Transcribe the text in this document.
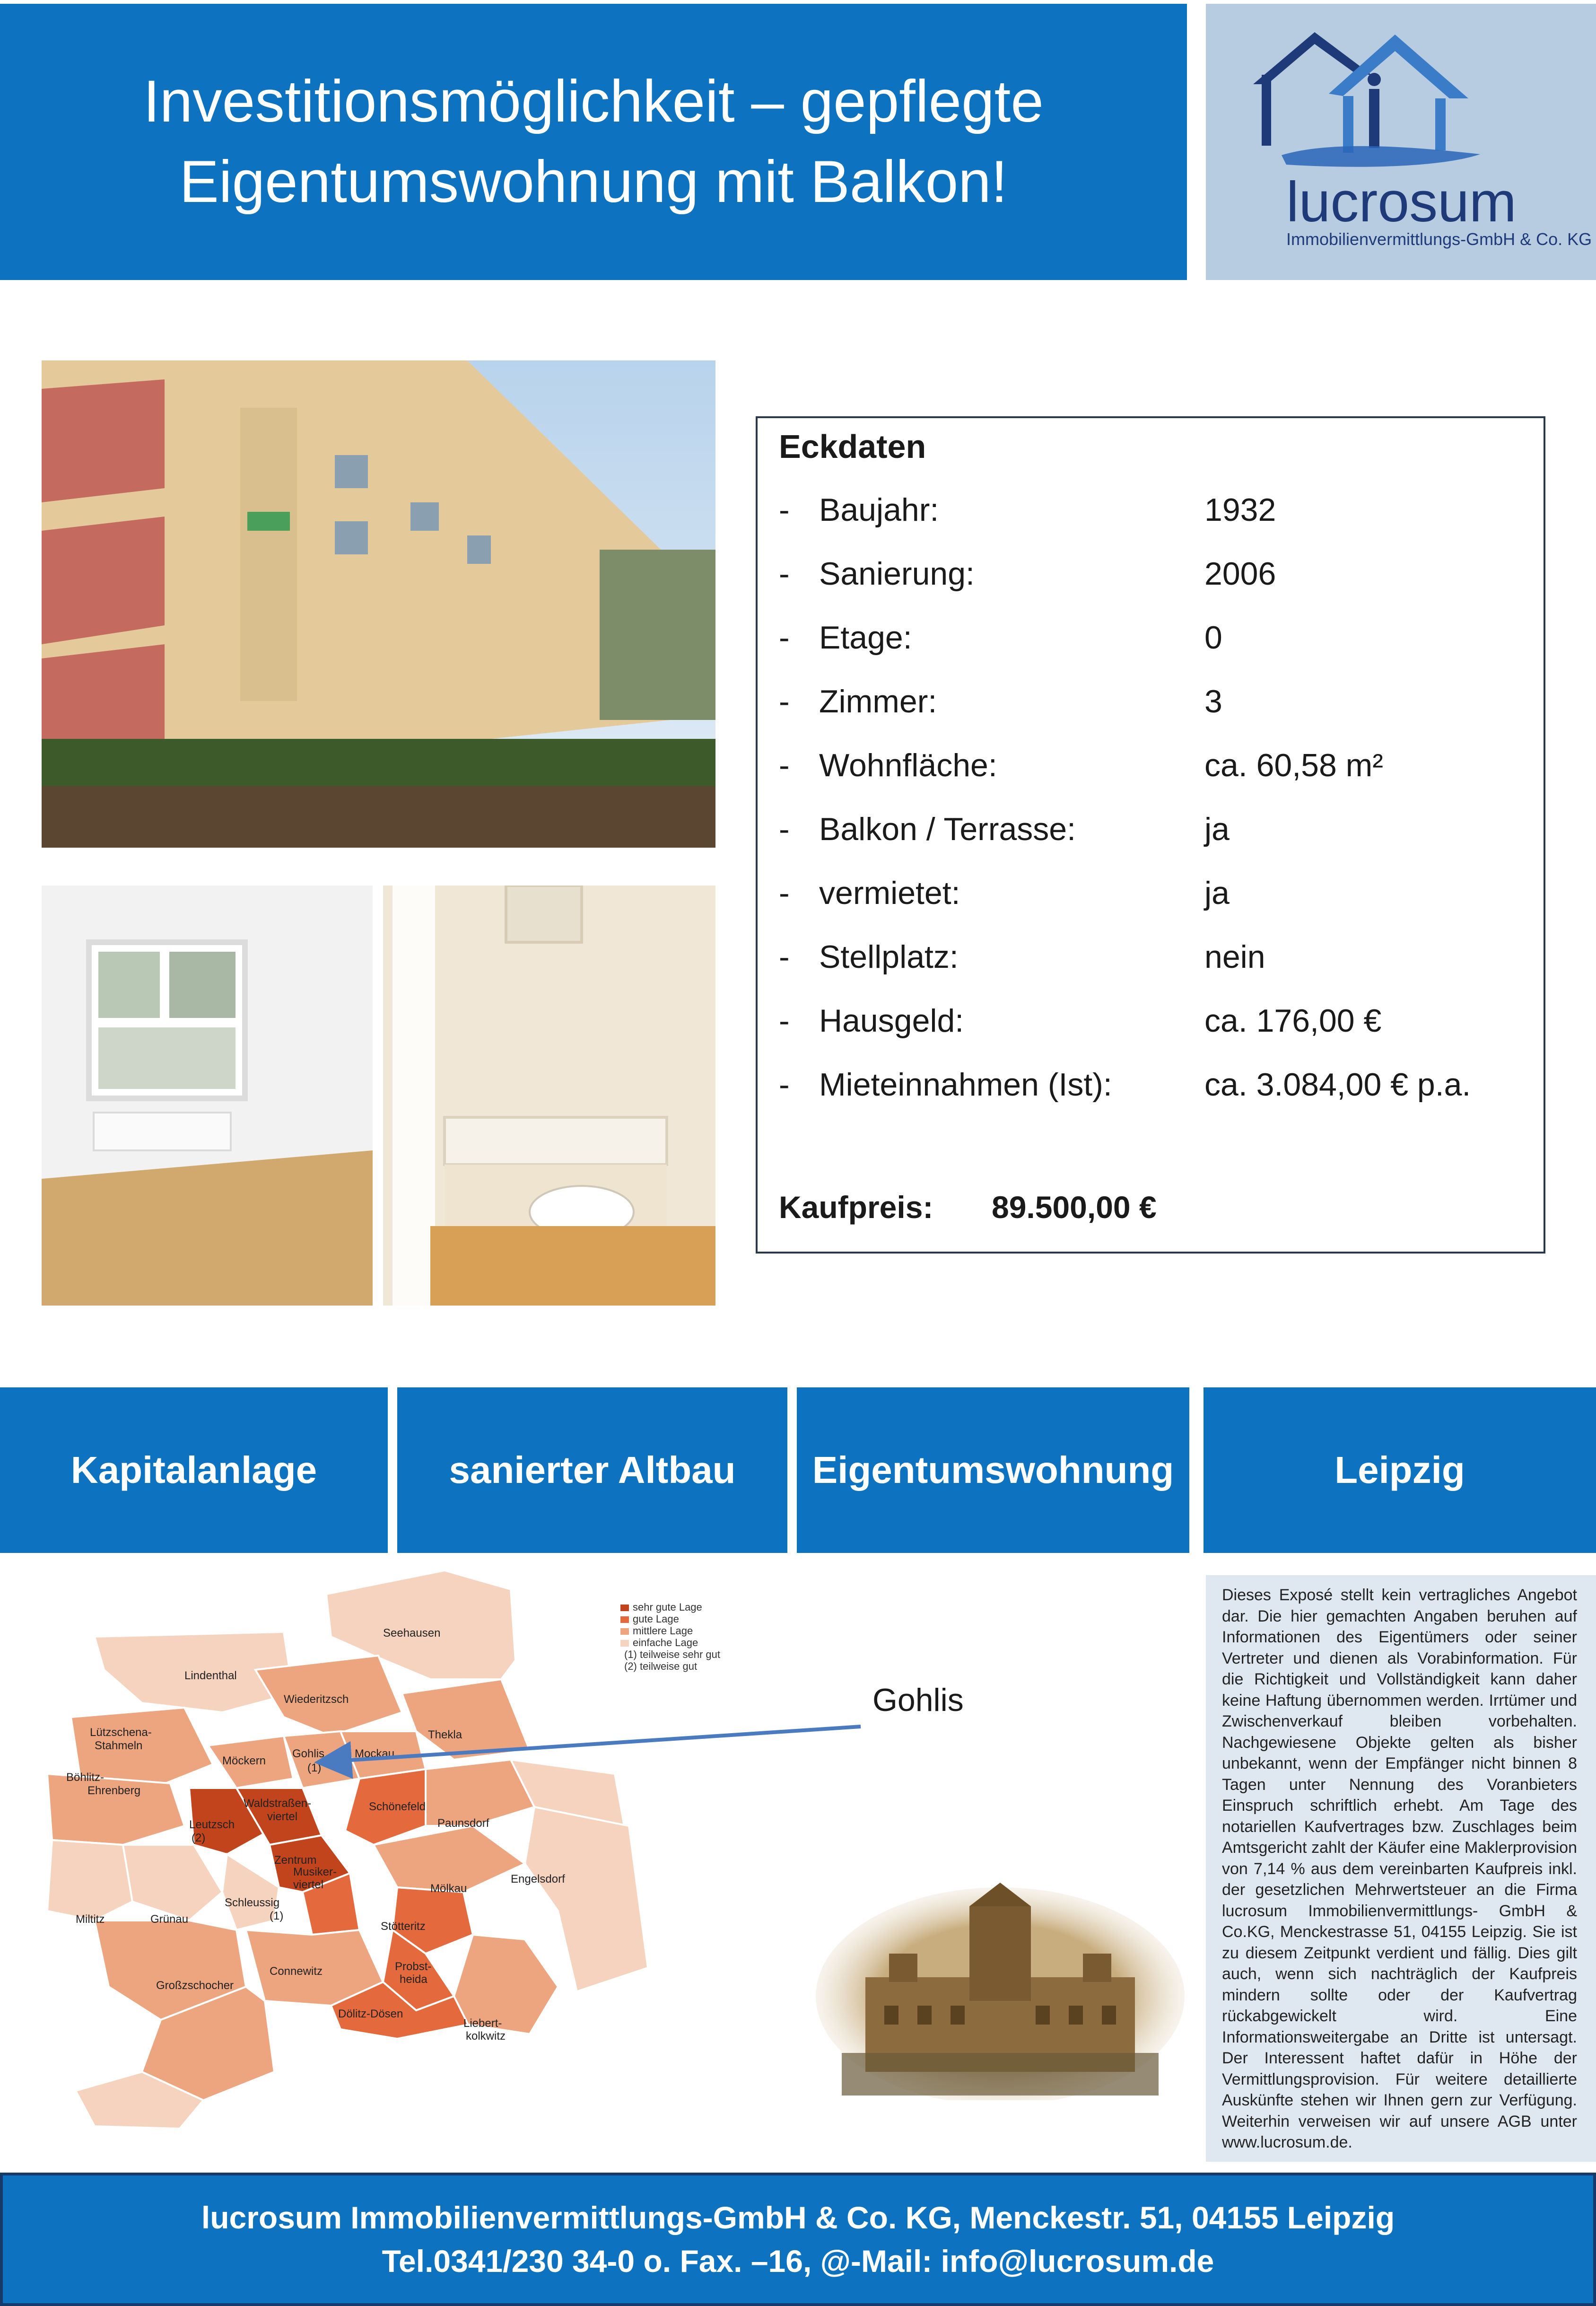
Investitionsmöglichkeit – gepflegte
Eigentumswohnung mit Balkon!	lucrosum
Immobilienvermittlungs-GmbH & Co. KG
Eckdaten
- Baujahr:	1932
- Sanierung:	2006
- Etage:	0
- Zimmer:	3
- Wohnfläche:	ca. 60,58 m²
- Balkon / Terrasse:	ja
- vermietet:	ja
- Stellplatz:	nein
- Hausgeld:	ca. 176,00 €
- Mieteinnahmen (Ist):	ca. 3.084,00 € p.a.
Kaufpreis: 89.500,00 €
Kapitalanlage	sanierter Altbau	Eigentumswohnung	Leipzig
Seehausen
Lindenthal
Wiederitzsch
Thekla
Lützschena-
Stahmeln
Möckern
Gohlis
(1)
Mockau
Böhlitz-
Ehrenberg
Waldstraßen-
viertel
Schönefeld
Paunsdorf
Leutzsch
(2)
Zentrum
Musiker-
viertel	Engelsdorf
Mölkau
Miltitz	Grünau
Schleussig
(1)
Stötteritz
Großzschocher
Connewitz	Probst-
heida
Dölitz-Dösen
Liebert-
kolkwitz
sehr gute Lage
gute Lage
mittlere Lage
einfache Lage
(1) teilweise sehr gut
(2) teilweise gut
Gohlis

Dieses Exposé stellt kein vertragliches Angebot dar. Die hier gemachten Angaben beruhen auf Informationen des Eigentümers oder seiner Vertreter und dienen als Vorabinformation. Für die Richtigkeit und Vollständigkeit kann daher keine Haftung übernommen werden. Irrtümer und Zwischenverkauf bleiben vorbehalten. Nachgewiesene Objekte gelten als bisher unbekannt, wenn der Empfänger nicht binnen 8 Tagen unter Nennung des Voranbieters Einspruch schriftlich erhebt. Am Tage des notariellen Kaufvertrages bzw. Zuschlages beim Amtsgericht zahlt der Käufer eine Maklerprovision von 7,14 % aus dem vereinbarten Kaufpreis inkl. der gesetzlichen Mehrwertsteuer an die Firma lucrosum Immobilienvermittlungs- GmbH & Co.KG, Menckestrasse 51, 04155 Leipzig. Sie ist zu diesem Zeitpunkt verdient und fällig. Dies gilt auch, wenn sich nachträglich der Kaufpreis mindern sollte oder der Kaufvertrag rückabgewickelt wird. Eine Informationsweitergabe an Dritte ist untersagt. Der Interessent haftet dafür in Höhe der Vermittlungsprovision. Für weitere detaillierte Auskünfte stehen wir Ihnen gern zur Verfügung. Weiterhin verweisen wir auf unsere AGB unter www.lucrosum.de.

lucrosum Immobilienvermittlungs-GmbH & Co. KG, Menckestr. 51, 04155 Leipzig
Tel.0341/230 34-0 o. Fax. –16, @-Mail: info@lucrosum.de
